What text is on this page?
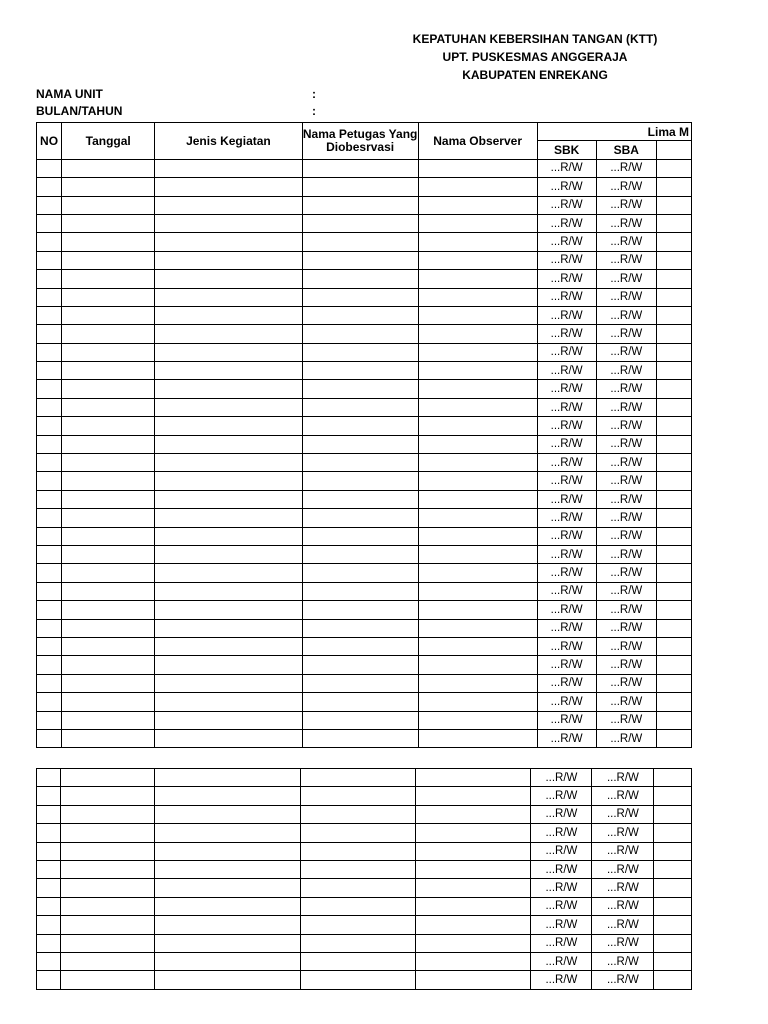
KEPATUHAN KEBERSIHAN TANGAN (KTT)
UPT. PUSKESMAS ANGGERAJA
KABUPATEN ENREKANG
NAMA UNIT	:
BULAN/TAHUN	:
NO	Tanggal	Jenis Kegiatan	Nama Petugas Yang Diobesrvasi	Nama Observer	Lima M		
					SBK	SBA	
					...R/W	...R/W	
					...R/W	...R/W	
					...R/W	...R/W	
					...R/W	...R/W	
					...R/W	...R/W	
					...R/W	...R/W	
					...R/W	...R/W	
					...R/W	...R/W	
					...R/W	...R/W	
					...R/W	...R/W	
					...R/W	...R/W	
					...R/W	...R/W	
					...R/W	...R/W	
					...R/W	...R/W	
					...R/W	...R/W	
					...R/W	...R/W	
					...R/W	...R/W	
					...R/W	...R/W	
					...R/W	...R/W	
					...R/W	...R/W	
					...R/W	...R/W	
					...R/W	...R/W	
					...R/W	...R/W	
					...R/W	...R/W	
					...R/W	...R/W	
					...R/W	...R/W	
					...R/W	...R/W	
					...R/W	...R/W	
					...R/W	...R/W	
					...R/W	...R/W	
					...R/W	...R/W	
					...R/W	...R/W	
					...R/W	...R/W	
					...R/W	...R/W	
					...R/W	...R/W	
					...R/W	...R/W	
					...R/W	...R/W	
					...R/W	...R/W	
					...R/W	...R/W	
					...R/W	...R/W	
					...R/W	...R/W	
					...R/W	...R/W	
					...R/W	...R/W	
					...R/W	...R/W	
